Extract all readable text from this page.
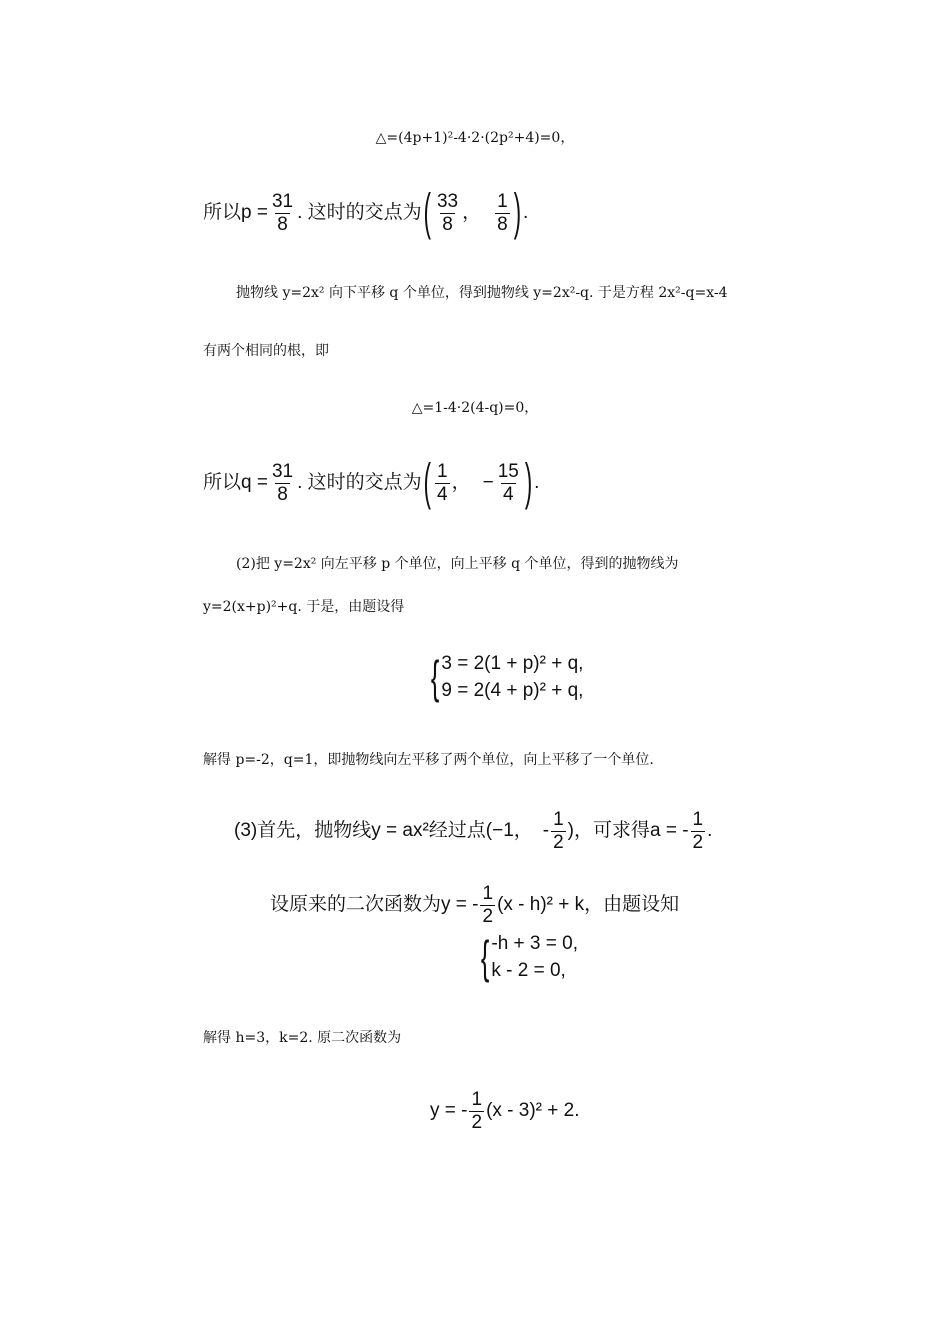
△=(4p+1)²-4·2·(2p²+4)=0，
所以$p = \frac{31}{8}$ . 这时的交点为 ( $\frac{33}{8}$ ， $\frac{1}{8}$ ) .
抛物线 y=2x² 向下平移 q 个单位，得到抛物线 y=2x²-q. 于是方程 2x²-q=x-4
有两个相同的根，即
△=1-4·2(4-q)=0，
所以$q = \frac{31}{8}$ . 这时的交点为 ( $\frac{1}{4}$ ， − $\frac{15}{4}$ ) .
(2)把 y=2x² 向左平移 p 个单位，向上平移 q 个单位，得到的抛物线为
y=2(x+p)²+q. 于是，由题设得
{ 3 = 2(1 + p)² + q,
9 = 2(4 + p)² + q,
解得 p=-2，q=1，即抛物线向左平移了两个单位，向上平移了一个单位.
(3)首先，抛物线y = ax²经过点(−1， - $\frac{1}{2}$ )，可求得a = - $\frac{1}{2}$ .
设原来的二次函数为y = - $\frac{1}{2} (x - h)^2 + k$，由题设知
{ -h + 3 = 0,
k - 2 = 0,
解得 h=3，k=2. 原二次函数为
y = - $\frac{1}{2} (x - 3)^2 + 2$.
